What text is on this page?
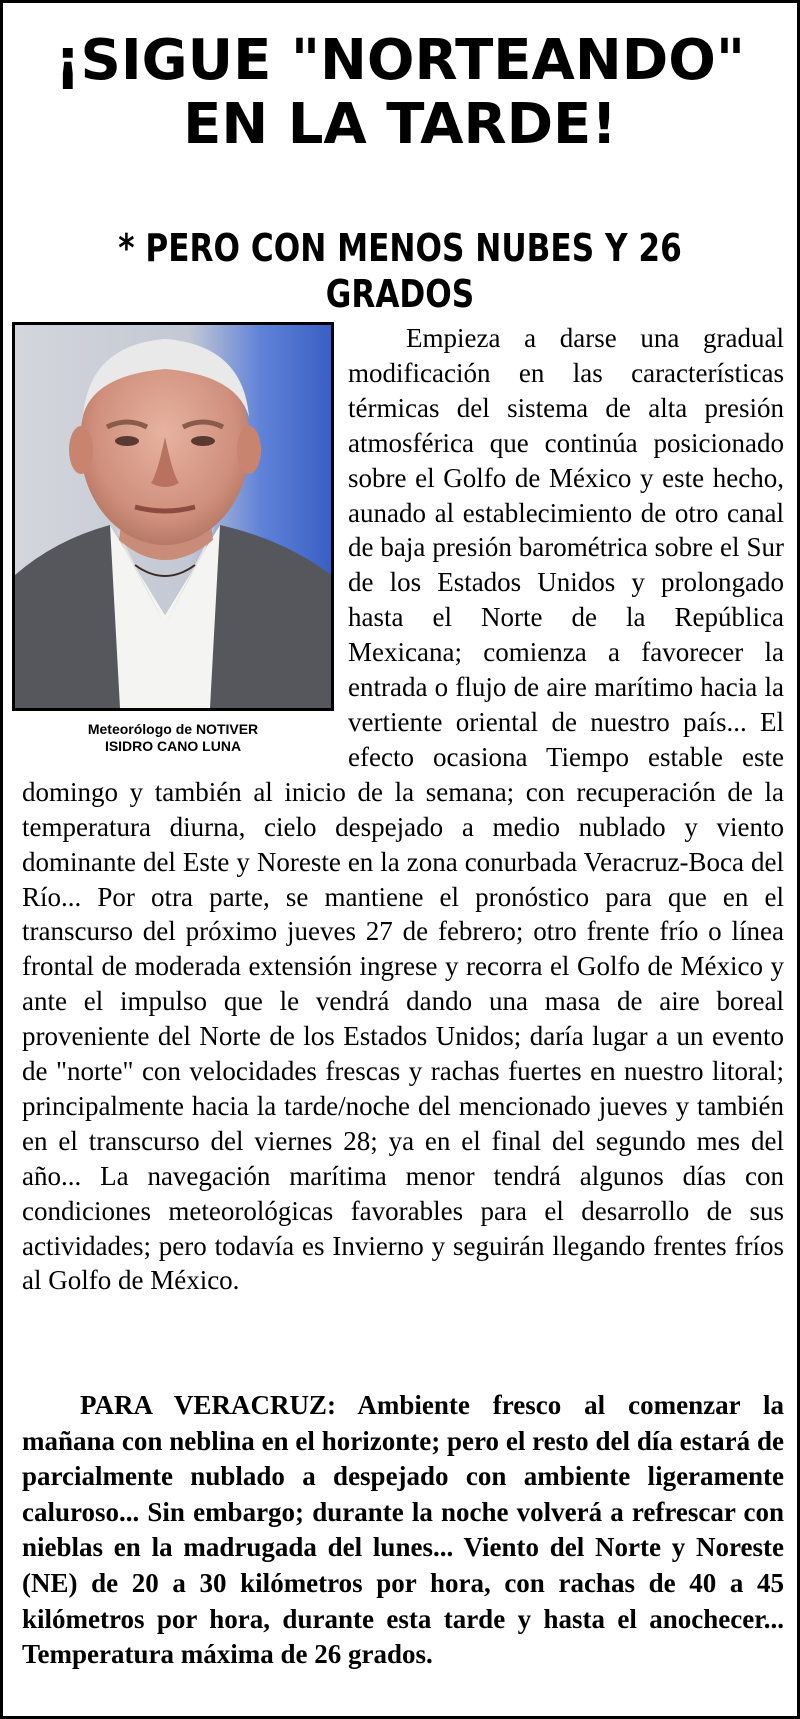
¡SIGUE "NORTEANDO"
EN LA TARDE!
* PERO CON MENOS NUBES Y 26 GRADOS
Meteorólogo de NOTIVER
ISIDRO CANO LUNA
Empieza a darse una gradual modificación en las características térmicas del sistema de alta presión atmosférica que continúa posicionado sobre el Golfo de México y este hecho, aunado al establecimiento de otro canal de baja presión barométrica sobre el Sur de los Estados Unidos y prolongado hasta el Norte de la República Mexicana; comienza a favorecer la entrada o flujo de aire marítimo hacia la vertiente oriental de nuestro país... El efecto ocasiona Tiempo estable este domingo y también al inicio de la semana; con recuperación de la temperatura diurna, cielo despejado a medio nublado y viento dominante del Este y Noreste en la zona conurbada Veracruz-Boca del Río... Por otra parte, se mantiene el pronóstico para que en el transcurso del próximo jueves 27 de febrero; otro frente frío o línea frontal de moderada extensión ingrese y recorra el Golfo de México y ante el impulso que le vendrá dando una masa de aire boreal proveniente del Norte de los Estados Unidos; daría lugar a un evento de "norte" con velocidades frescas y rachas fuertes en nuestro litoral; principalmente hacia la tarde/noche del mencionado jueves y también en el transcurso del viernes 28; ya en el final del segundo mes del año... La navegación marítima menor tendrá algunos días con condiciones meteorológicas favorables para el desarrollo de sus actividades; pero todavía es Invierno y seguirán llegando frentes fríos al Golfo de México.
PARA VERACRUZ: Ambiente fresco al comenzar la mañana con neblina en el horizonte; pero el resto del día estará de parcialmente nublado a despejado con ambiente ligeramente caluroso... Sin embargo; durante la noche volverá a refrescar con nieblas en la madrugada del lunes... Viento del Norte y Noreste (NE) de 20 a 30 kilómetros por hora, con rachas de 40 a 45 kilómetros por hora, durante esta tarde y hasta el anochecer... Temperatura máxima de 26 grados.
